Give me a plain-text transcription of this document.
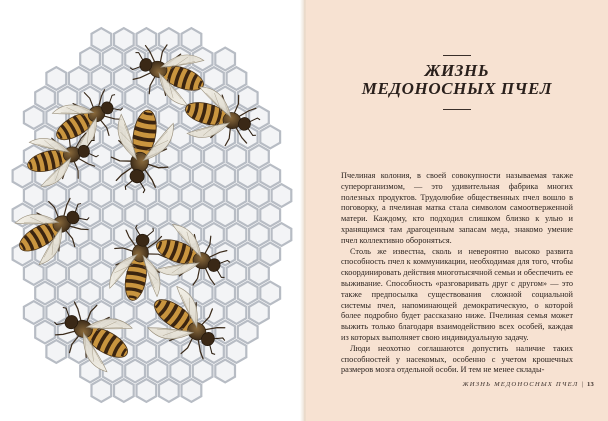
ЖИЗНЬ
МЕДОНОСНЫХ ПЧЕЛ

Пчелиная колония, в своей совокупности называемая также суперорганизмом, — это удивительная фабрика многих полезных продуктов. Трудолюбие общественных пчел вошло в поговорку, а пчелиная матка стала символом самоотверженной матери. Каждому, кто подходил слишком близко к улью и хранящимся там драгоценным запасам меда, знакомо умение пчел коллективно обороняться.

Столь же известна, сколь и невероятно высоко развита способность пчел к коммуникации, необходимая для того, чтобы скоординировать действия многотысячной семьи и обеспечить ее выживание. Способность «разговаривать друг с другом» — это также предпосылка существования сложной социальной системы пчел, напоминающей демократическую, о которой более подробно будет рассказано ниже. Пчелиная семья может выжить только благодаря взаимодействию всех особей, каждая из которых выполняет свою индивидуальную задачу.

Люди неохотно соглашаются допустить наличие таких способностей у насекомых, особенно с учетом крошечных размеров мозга отдельной особи. И тем не менее склады-

ЖИЗНЬ МЕДОНОСНЫХ ПЧЕЛ | 13
